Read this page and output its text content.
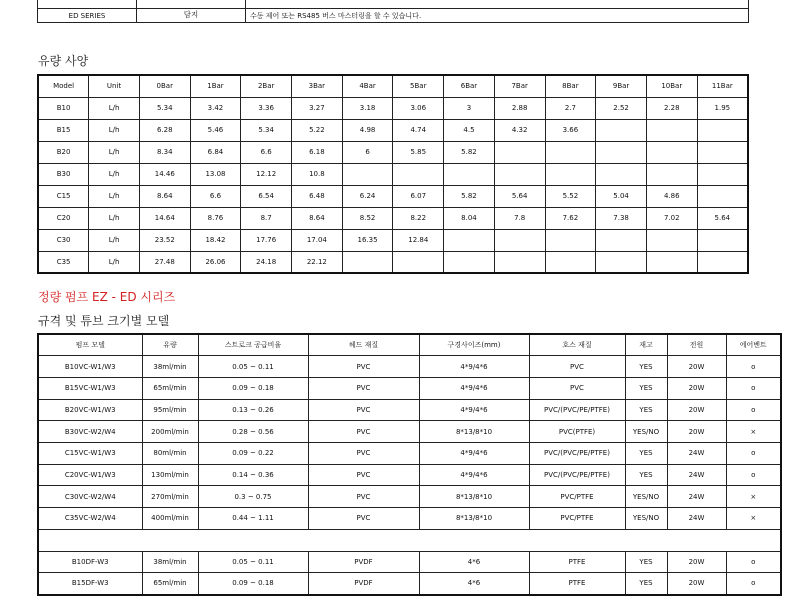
ED SERIES	담지	수동 제어 또는 RS485 버스 마스터링을 할 수 있습니다.
유량 사양
Model	Unit	0Bar	1Bar	2Bar	3Bar	4Bar	5Bar	6Bar	7Bar	8Bar	9Bar	10Bar	11Bar
B10	L/h	5.34	3.42	3.36	3.27	3.18	3.06	3	2.88	2.7	2.52	2.28	1.95
B15	L/h	6.28	5.46	5.34	5.22	4.98	4.74	4.5	4.32	3.66			
B20	L/h	8.34	6.84	6.6	6.18	6	5.85	5.82					
B30	L/h	14.46	13.08	12.12	10.8								
C15	L/h	8.64	6.6	6.54	6.48	6.24	6.07	5.82	5.64	5.52	5.04	4.86	
C20	L/h	14.64	8.76	8.7	8.64	8.52	8.22	8.04	7.8	7.62	7.38	7.02	5.64
C30	L/h	23.52	18.42	17.76	17.04	16.35	12.84						
C35	L/h	27.48	26.06	24.18	22.12								
정량 펌프 EZ - ED 시리즈
규격 및 튜브 크기별 모델
펌프 모델	유량	스트로크 공급비율	헤드 재질	구경사이즈(mm)	호스 재질	재고	전원	에어벤트
B10VC-W1/W3	38ml/min	0.05 ~ 0.11	PVC	4*9/4*6	PVC	YES	20W	o
B15VC-W1/W3	65ml/min	0.09 ~ 0.18	PVC	4*9/4*6	PVC	YES	20W	o
B20VC-W1/W3	95ml/min	0.13 ~ 0.26	PVC	4*9/4*6	PVC/(PVC/PE/PTFE)	YES	20W	o
B30VC-W2/W4	200ml/min	0.28 ~ 0.56	PVC	8*13/8*10	PVC(PTFE)	YES/NO	20W	×
C15VC-W1/W3	80ml/min	0.09 ~ 0.22	PVC	4*9/4*6	PVC/(PVC/PE/PTFE)	YES	24W	o
C20VC-W1/W3	130ml/min	0.14 ~ 0.36	PVC	4*9/4*6	PVC/(PVC/PE/PTFE)	YES	24W	o
C30VC-W2/W4	270ml/min	0.3 ~ 0.75	PVC	8*13/8*10	PVC/PTFE	YES/NO	24W	×
C35VC-W2/W4	400ml/min	0.44 ~ 1.11	PVC	8*13/8*10	PVC/PTFE	YES/NO	24W	×

B10DF-W3	38ml/min	0.05 ~ 0.11	PVDF	4*6	PTFE	YES	20W	o
B15DF-W3	65ml/min	0.09 ~ 0.18	PVDF	4*6	PTFE	YES	20W	o
